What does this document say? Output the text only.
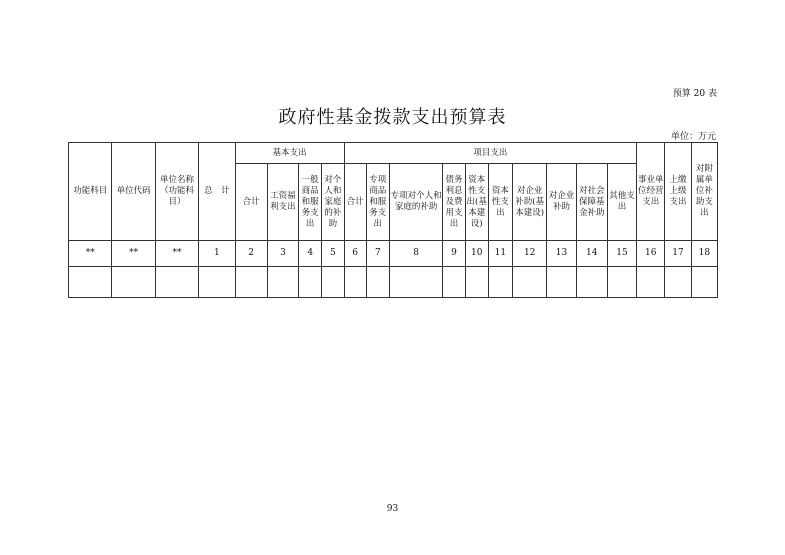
预算 20 表
政府性基金拨款支出预算表
单位：万元
功能科目	单位代码	单位名称（功能科目）	总　计	基本支出				项目支出										事业单位经营支出	上缴上级支出	对附属单位补助支出
				合计	工资福利支出	一般商品和服务支出	对个人和家庭的补助	合计	专项商品和服务支出	专项对个人和家庭的补助	债务利息及费用支出	资本性支出(基本建设)	资本性支出	对企业补助(基本建设)	对企业补助	对社会保障基金补助	其他支出			
**	**	**	1	2	3	4	5	6	7	8	9	10	11	12	13	14	15	16	17	18

93
